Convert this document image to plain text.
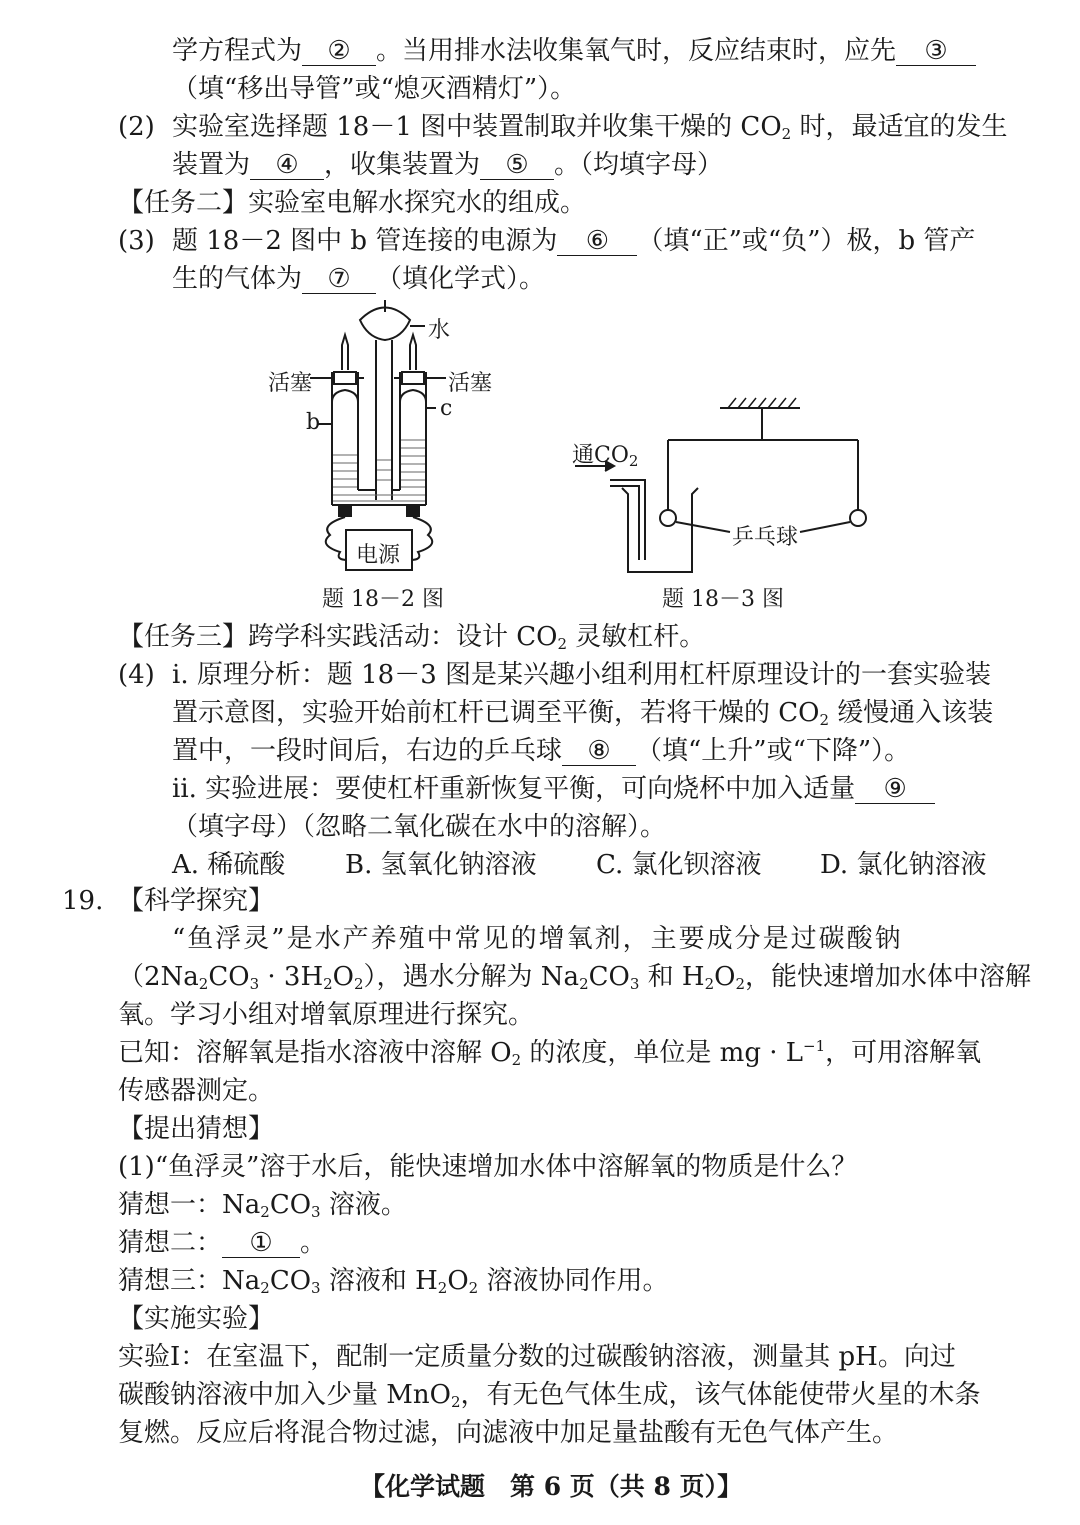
学方程式为 ② 。当用排水法收集氧气时，反应结束时，应先 ③
（填“移出导管”或“熄灭酒精灯”）。
(2) 实验室选择题 18－1 图中装置制取并收集干燥的 $CO_2$ 时，最适宜的发生
装置为 ④ ，收集装置为 ⑤ 。（均填字母）
【任务二】实验室电解水探究水的组成。
(3) 题 18－2 图中 b 管连接的电源为 ⑥ （填“正”或“负”）极，b 管产
生的气体为 ⑦ （填化学式）。
水
活塞	活塞
b
c
电源
题 18－2 图
通$CO_2$
乒乓球
题 18－3 图
【任务三】跨学科实践活动：设计 $CO_2$ 灵敏杠杆。
(4) i. 原理分析：题 18－3 图是某兴趣小组利用杠杆原理设计的一套实验装
置示意图，实验开始前杠杆已调至平衡，若将干燥的 $CO_2$ 缓慢通入该装
置中，一段时间后，右边的乒乓球 ⑧ （填“上升”或“下降”）。
ii. 实验进展：要使杠杆重新恢复平衡，可向烧杯中加入适量 ⑨
（填字母）（忽略二氧化碳在水中的溶解）。
A. 稀硫酸 B. 氢氧化钠溶液 C. 氯化钡溶液 D. 氯化钠溶液
19. 【科学探究】
“鱼浮灵”是水产养殖中常见的增氧剂，主要成分是过碳酸钠
$(2Na_2CO_3 \cdot 3H_2O_2)$，遇水分解为 $Na_2CO_3$ 和 $H_2O_2$，能快速增加水体中溶解
氧。学习小组对增氧原理进行探究。
已知：溶解氧是指水溶液中溶解 $O_2$ 的浓度，单位是 mg · $L^{-1}$，可用溶解氧
传感器测定。
【提出猜想】
(1)“鱼浮灵”溶于水后，能快速增加水体中溶解氧的物质是什么？
猜想一：$Na_2CO_3$ 溶液。
猜想二： ① 。
猜想三：$Na_2CO_3$ 溶液和 $H_2O_2$ 溶液协同作用。
【实施实验】
实验Ⅰ：在室温下，配制一定质量分数的过碳酸钠溶液，测量其 pH。向过
碳酸钠溶液中加入少量 MnO$_2$，有无色气体生成，该气体能使带火星的木条
复燃。反应后将混合物过滤，向滤液中加足量盐酸有无色气体产生。
【化学试题　第 6 页（共 8 页）】
